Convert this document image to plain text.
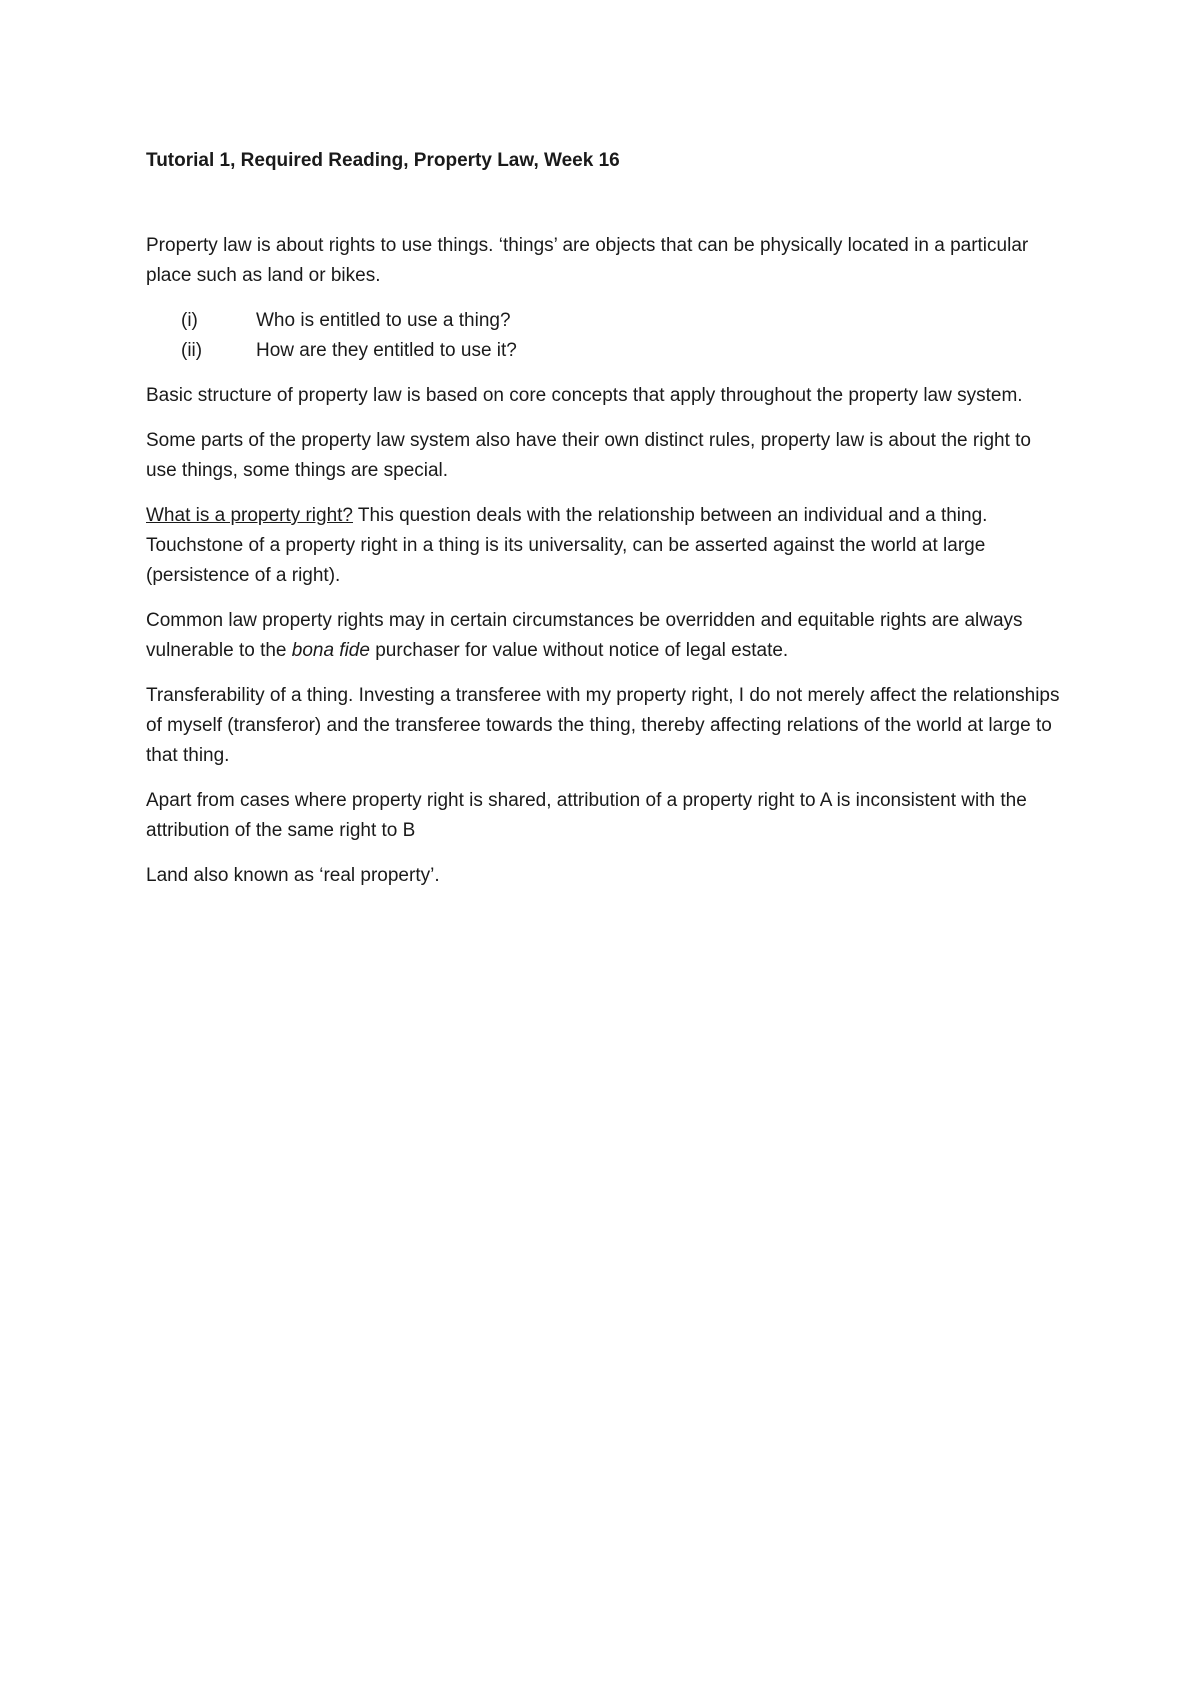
Tutorial 1, Required Reading, Property Law, Week 16

Property law is about rights to use things. ‘things’ are objects that can be physically located in a particular place such as land or bikes.

(i)	Who is entitled to use a thing?
(ii)	How are they entitled to use it?

Basic structure of property law is based on core concepts that apply throughout the property law system.

Some parts of the property law system also have their own distinct rules, property law is about the right to use things, some things are special.

What is a property right? This question deals with the relationship between an individual and a thing. Touchstone of a property right in a thing is its universality, can be asserted against the world at large (persistence of a right).

Common law property rights may in certain circumstances be overridden and equitable rights are always vulnerable to the bona fide purchaser for value without notice of legal estate.

Transferability of a thing. Investing a transferee with my property right, I do not merely affect the relationships of myself (transferor) and the transferee towards the thing, thereby affecting relations of the world at large to that thing.

Apart from cases where property right is shared, attribution of a property right to A is inconsistent with the attribution of the same right to B

Land also known as ‘real property’.
